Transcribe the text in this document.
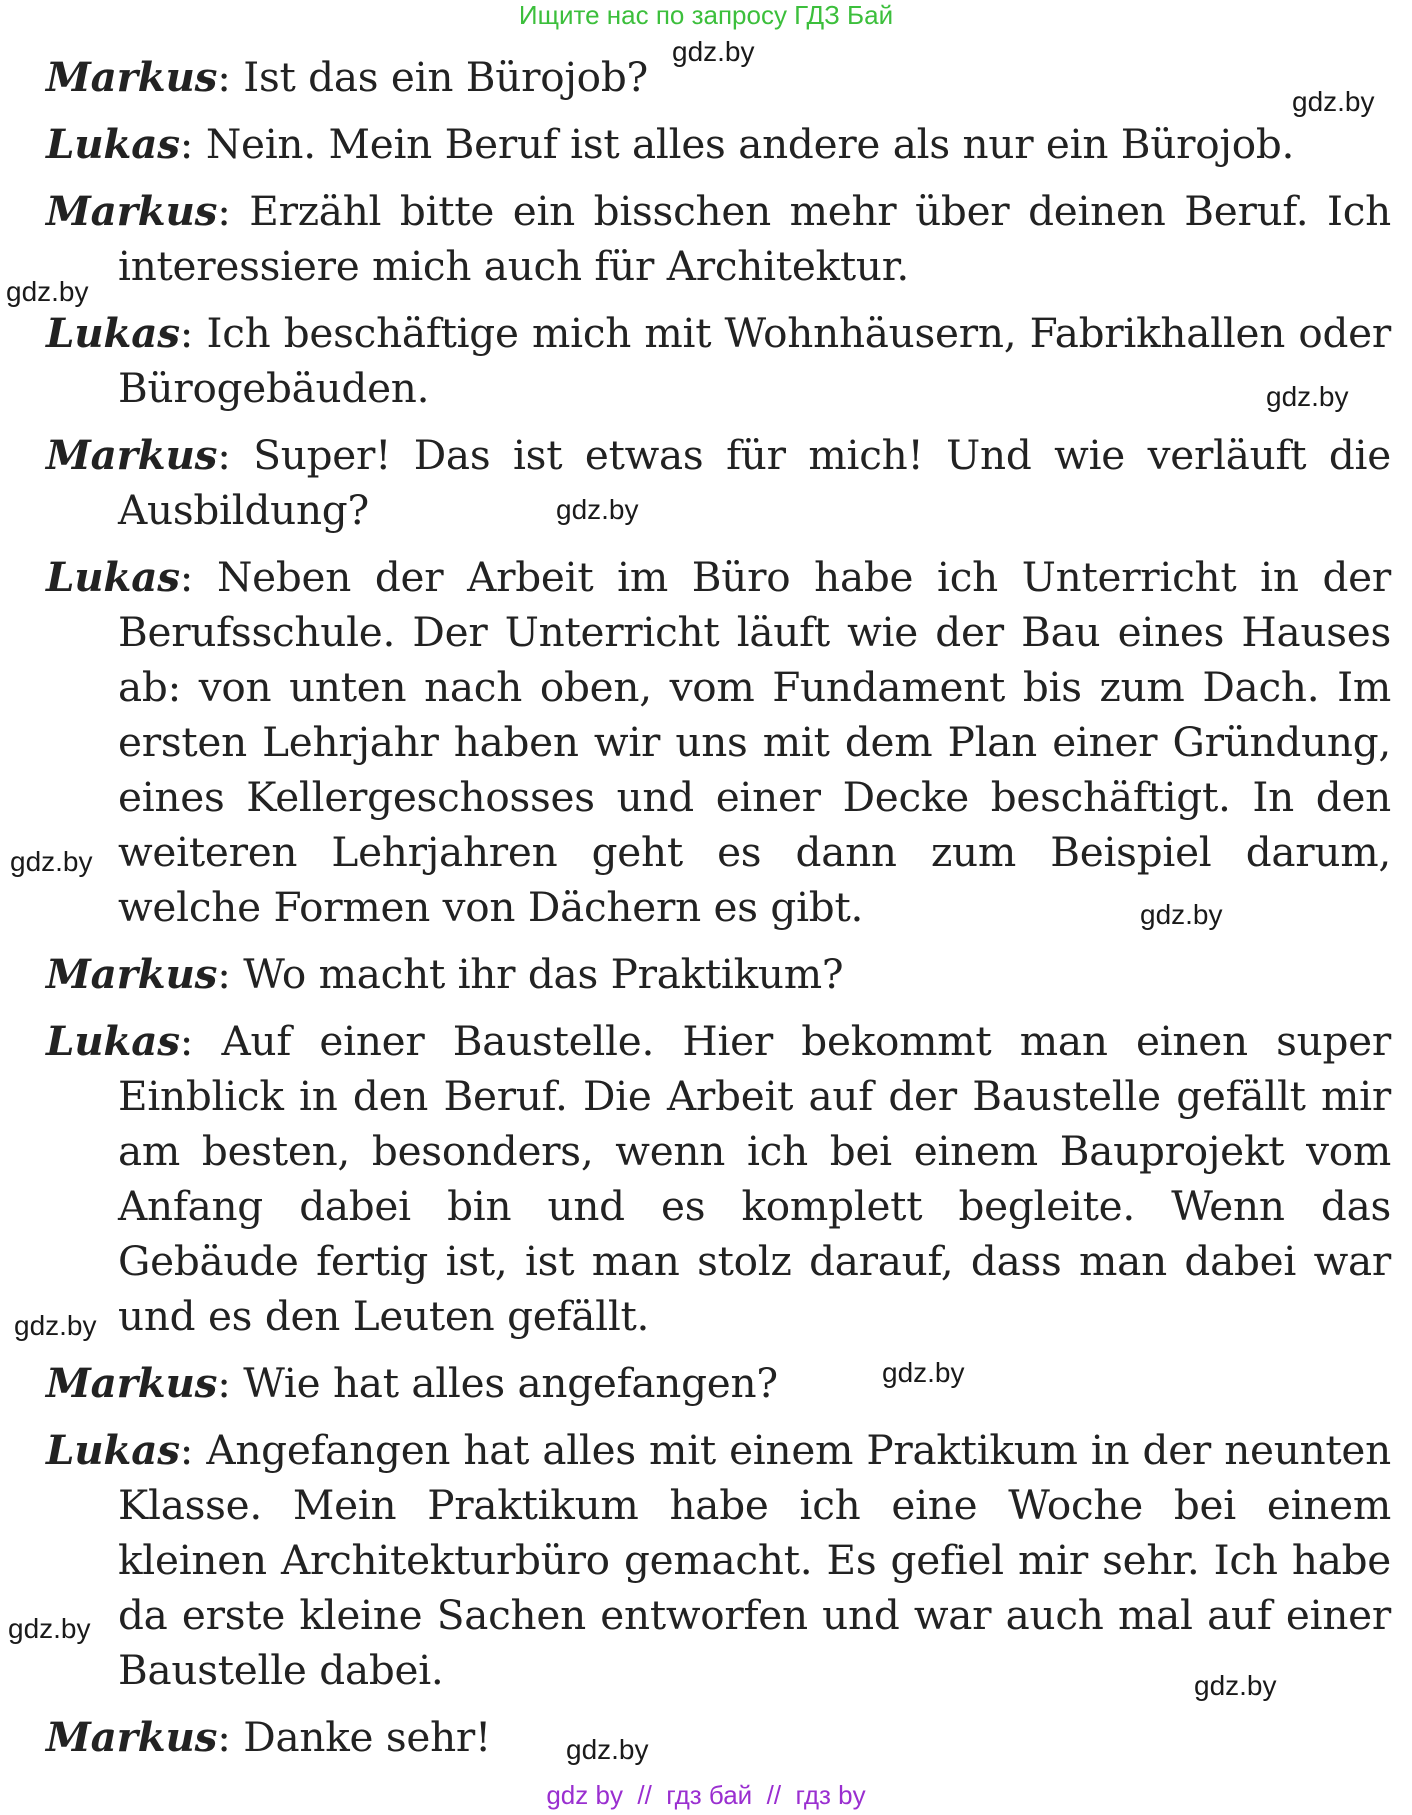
Ищите нас по запросу ГДЗ Бай

Markus: Ist das ein Bürojob?

Lukas: Nein. Mein Beruf ist alles andere als nur ein Bürojob.

Markus: Erzähl bitte ein bisschen mehr über deinen Beruf. Ich interessiere mich auch für Architektur.

Lukas: Ich beschäftige mich mit Wohnhäusern, Fabrikhallen oder Bürogebäuden.

Markus: Super! Das ist etwas für mich! Und wie verläuft die Ausbildung?

Lukas: Neben der Arbeit im Büro habe ich Unterricht in der Berufsschule. Der Unterricht läuft wie der Bau eines Hauses ab: von unten nach oben, vom Fundament bis zum Dach. Im ersten Lehrjahr haben wir uns mit dem Plan einer Gründung, eines Kellergeschosses und einer Decke beschäftigt. In den weiteren Lehrjahren geht es dann zum Beispiel darum, welche Formen von Dächern es gibt.

Markus: Wo macht ihr das Praktikum?

Lukas: Auf einer Baustelle. Hier bekommt man einen super Einblick in den Beruf. Die Arbeit auf der Baustelle gefällt mir am besten, besonders, wenn ich bei einem Bauprojekt vom Anfang dabei bin und es komplett begleite. Wenn das Gebäude fertig ist, ist man stolz darauf, dass man dabei war und es den Leuten gefällt.

Markus: Wie hat alles angefangen?

Lukas: Angefangen hat alles mit einem Praktikum in der neunten Klasse. Mein Praktikum habe ich eine Woche bei einem kleinen Architekturbüro gemacht. Es gefiel mir sehr. Ich habe da erste kleine Sachen entworfen und war auch mal auf einer Baustelle dabei.

Markus: Danke sehr!

gdz.by
gdz.by
gdz.by
gdz.by
gdz.by
gdz.by
gdz.by
gdz.by
gdz.by
gdz.by
gdz.by
gdz.by
gdz by  //  гдз бай  //  гдз by
